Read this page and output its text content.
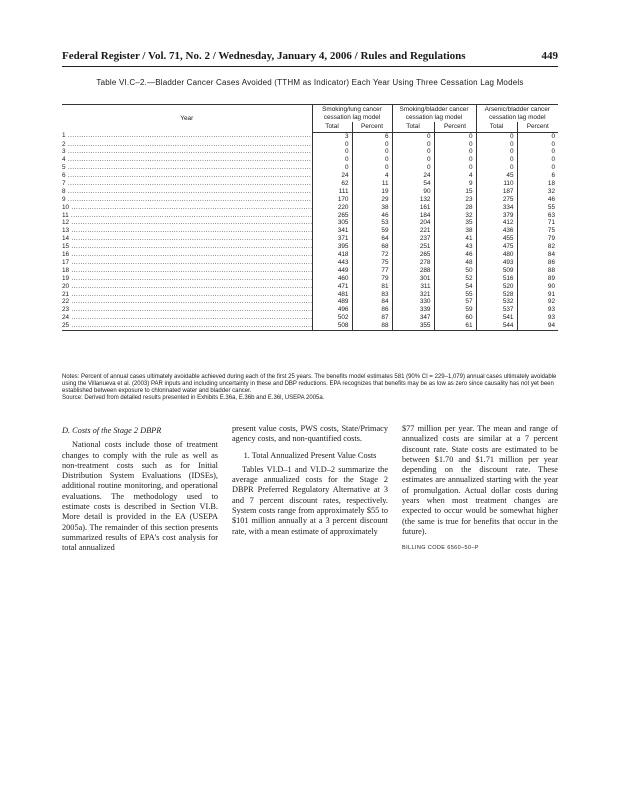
Federal Register / Vol. 71, No. 2 / Wednesday, January 4, 2006 / Rules and Regulations	449
Table VI.C–2.—Bladder Cancer Cases Avoided (TTHM as Indicator) Each Year Using Three Cessation Lag Models
Year	Smoking/lung cancer cessation lag model		Smoking/bladder cancer cessation lag model		Arsenic/bladder cancer cessation lag model	
	Total	Percent	Total	Percent	Total	Percent
1 .....	3	6	0	0	0	0
2 .....	0	0	0	0	0	0
3 .....	0	0	0	0	0	0
4 .....	0	0	0	0	0	0
5 .....	0	0	0	0	0	0
6 .....	24	4	24	4	45	6
7 .....	62	11	54	9	110	18
8 .....	111	19	90	15	187	32
9 .....	170	29	132	23	275	46
10 .....	220	38	161	28	334	55
11 .....	265	46	184	32	379	63
12 .....	305	53	204	35	412	71
13 .....	341	59	221	38	436	75
14 .....	371	64	237	41	455	79
15 .....	395	68	251	43	475	82
16 .....	418	72	265	46	480	84
17 .....	443	75	278	48	493	86
18 .....	449	77	288	50	509	88
19 .....	460	79	301	52	516	89
20 .....	471	81	311	54	520	90
21 .....	481	83	321	55	528	91
22 .....	489	84	330	57	532	92
23 .....	496	86	339	59	537	93
24 .....	502	87	347	60	541	93
25 .....	508	88	355	61	544	94

Notes: Percent of annual cases ultimately avoidable achieved during each of the first 25 years. The benefits model estimates 581 (90% CI = 229–1,079) annual cases ultimately avoidable using the Villanueva et al. (2003) PAR inputs and including uncertainty in these and DBP reductions. EPA recognizes that benefits may be as low as zero since causality has not yet been established between exposure to chlorinated water and bladder cancer.

Source: Derived from detailed results presented in Exhibits E.36a, E.36b and E.36l, USEPA 2005a.

D. Costs of the Stage 2 DBPR

National costs include those of treatment changes to comply with the rule as well as non-treatment costs such as for Initial Distribution System Evaluations (IDSEs), additional routine monitoring, and operational evaluations. The methodology used to estimate costs is described in Section VI.B. More detail is provided in the EA (USEPA 2005a). The remainder of this section presents summarized results of EPA's cost analysis for total annualized

present value costs, PWS costs, State/Primacy agency costs, and non-quantified costs.

1. Total Annualized Present Value Costs

Tables VI.D–1 and VI.D–2 summarize the average annualized costs for the Stage 2 DBPR Preferred Regulatory Alternative at 3 and 7 percent discount rates, respectively. System costs range from approximately $55 to $101 million annually at a 3 percent discount rate, with a mean estimate of approximately

$77 million per year. The mean and range of annualized costs are similar at a 7 percent discount rate. State costs are estimated to be between $1.70 and $1.71 million per year depending on the discount rate. These estimates are annualized starting with the year of promulgation. Actual dollar costs during years when most treatment changes are expected to occur would be somewhat higher (the same is true for benefits that occur in the future).

BILLING CODE 6560–50–P
